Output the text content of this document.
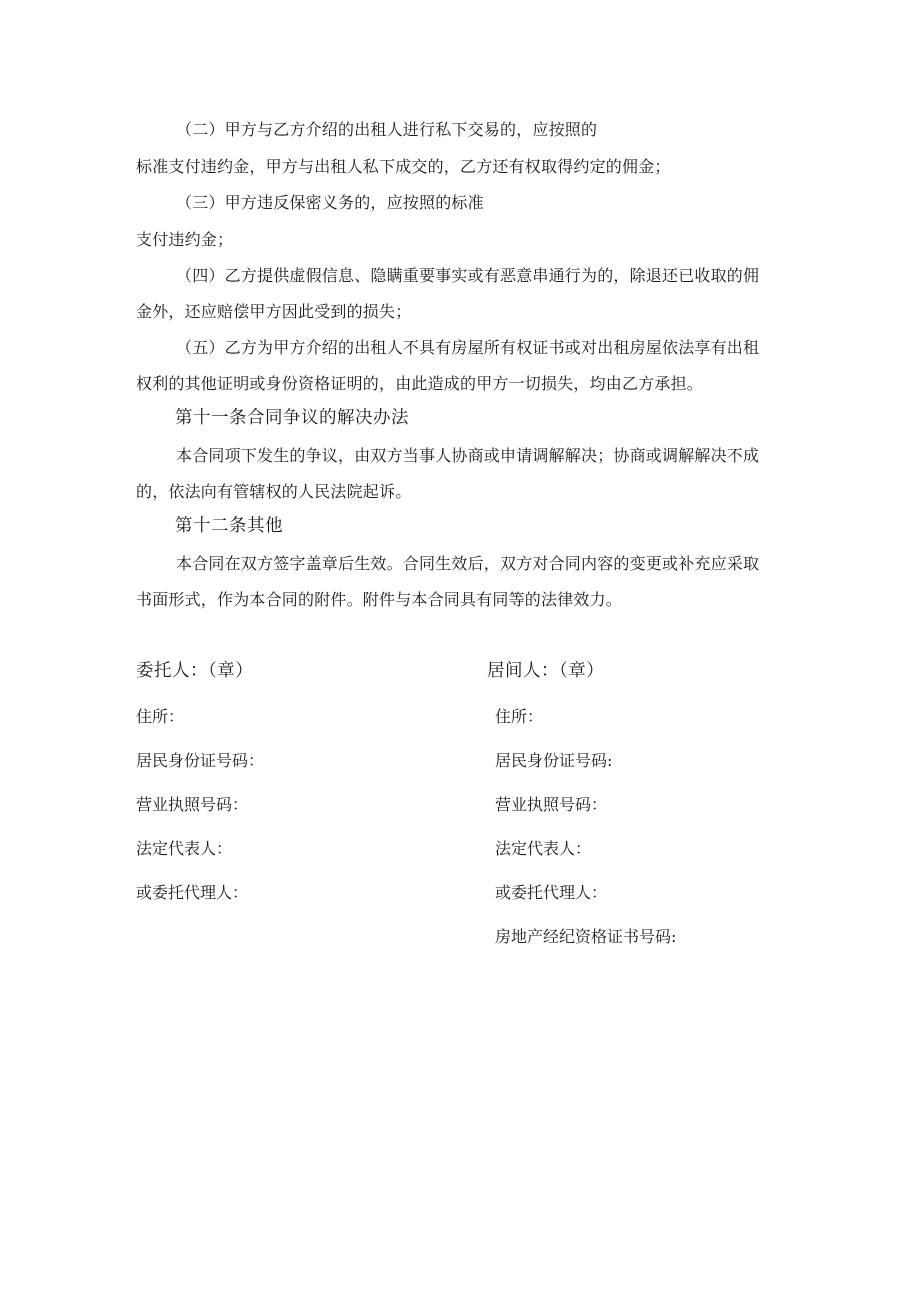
（二）甲方与乙方介绍的出租人进行私下交易的，应按照的
标准支付违约金，甲方与出租人私下成交的，乙方还有权取得约定的佣金；
（三）甲方违反保密义务的，应按照的标准
支付违约金；
（四）乙方提供虚假信息、隐瞒重要事实或有恶意串通行为的，除退还已收取的佣
金外，还应赔偿甲方因此受到的损失；
（五）乙方为甲方介绍的出租人不具有房屋所有权证书或对出租房屋依法享有出租
权利的其他证明或身份资格证明的，由此造成的甲方一切损失，均由乙方承担。
第十一条合同争议的解决办法
本合同项下发生的争议，由双方当事人协商或申请调解解决；协商或调解解决不成
的，依法向有管辖权的人民法院起诉。
第十二条其他
本合同在双方签字盖章后生效。合同生效后，双方对合同内容的变更或补充应采取
书面形式，作为本合同的附件。附件与本合同具有同等的法律效力。
委托人：（章）
住所：
居民身份证号码：
营业执照号码：
法定代表人：
或委托代理人：
居间人：（章）
住所：
居民身份证号码:
营业执照号码：
法定代表人：
或委托代理人：
房地产经纪资格证书号码:
